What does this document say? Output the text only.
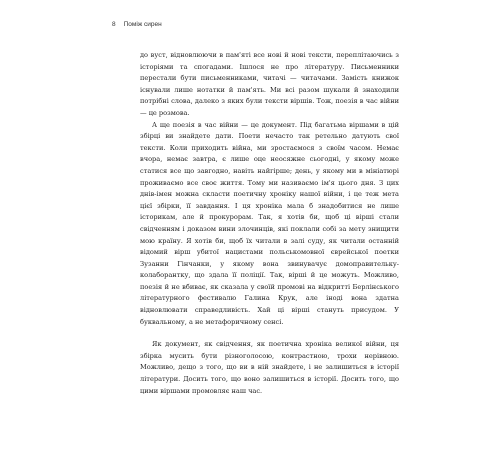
8 Поміж сирен

до вуст, відновлюючи в пам'яті все нові й нові тексти, переплітаючись з історіями та спогадами. Ішлося не про літературу. Письменники перестали бути письменниками, читачі — читачами. Замість книжок існували лише нотатки й пам'ять. Ми всі разом шукали й знаходили потрібні слова, далеко з яких були тексти віршів. Тож, поезія в час війни — це розмова.

А ще поезія в час війни — це документ. Під багатьма віршами в цій збірці ви знайдете дати. Поети нечасто так ретельно датують свої тексти. Коли приходить війна, ми зростаємося з своїм часом. Немає вчора, немає завтра, є лише оце неосяжне сьогодні, у якому може статися все що завгодно, навіть найгірше; день, у якому ми в мініатюрі проживаємо все своє життя. Тому ми називаємо ім'я цього дня. З цих днів-імен можна скласти поетичну хроніку нашої війни, і це теж мета цієї збірки, її завдання. І ця хроніка мала б знадобитися не лише історикам, але й прокурорам. Так, я хотів би, щоб ці вірші стали свідченням і доказом вини злочинців, які поклали собі за мету знищити мою країну. Я хотів би, щоб їх читали в залі суду, як читали останній відомий вірш убитої нацистами польськомовної єврейської поетки Зузанни Гінчанки, у якому вона звинувачує домоправительку-колаборантку, що здала її поліції. Так, вірші й це можуть. Можливо, поезія й не вбиває, як сказала у своїй промові на відкритті Берлінського літературного фестивалю Галина Крук, але іноді вона здатна відновлювати справедливість. Хай ці вірші стануть присудом. У буквальному, а не метафоричному сенсі.

Як документ, як свідчення, як поетична хроніка великої війни, ця збірка мусить бути різноголосою, контрастною, трохи нерівною. Можливо, дещо з того, що ви в ній знайдете, і не залишиться в історії літератури. Досить того, що воно залишиться в історії. Досить того, що цими віршами промовляє наш час.
